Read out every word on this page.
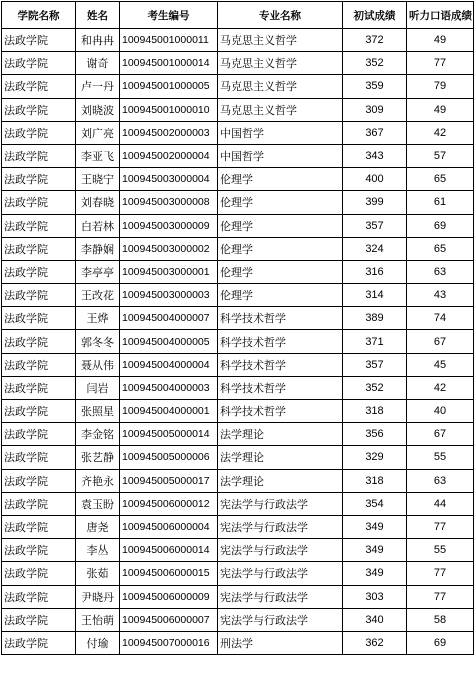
学院名称	姓名	考生编号	专业名称	初试成绩	听力口语成绩
法政学院	和冉冉	100945001000011	马克思主义哲学	372	49
法政学院	谢奇	100945001000014	马克思主义哲学	352	77
法政学院	卢一丹	100945001000005	马克思主义哲学	359	79
法政学院	刘晓波	100945001000010	马克思主义哲学	309	49
法政学院	刘广亮	100945002000003	中国哲学	367	42
法政学院	李亚飞	100945002000004	中国哲学	343	57
法政学院	王晓宁	100945003000004	伦理学	400	65
法政学院	刘春晓	100945003000008	伦理学	399	61
法政学院	白若林	100945003000009	伦理学	357	69
法政学院	李静娴	100945003000002	伦理学	324	65
法政学院	李亭亭	100945003000001	伦理学	316	63
法政学院	王改花	100945003000003	伦理学	314	43
法政学院	王烨	100945004000007	科学技术哲学	389	74
法政学院	郭冬冬	100945004000005	科学技术哲学	371	67
法政学院	聂从伟	100945004000004	科学技术哲学	357	45
法政学院	闫岩	100945004000003	科学技术哲学	352	42
法政学院	张照星	100945004000001	科学技术哲学	318	40
法政学院	李金铭	100945005000014	法学理论	356	67
法政学院	张艺静	100945005000006	法学理论	329	55
法政学院	齐艳永	100945005000017	法学理论	318	63
法政学院	袁玉盼	100945006000012	宪法学与行政法学	354	44
法政学院	唐尧	100945006000004	宪法学与行政法学	349	77
法政学院	李丛	100945006000014	宪法学与行政法学	349	55
法政学院	张茹	100945006000015	宪法学与行政法学	349	77
法政学院	尹晓丹	100945006000009	宪法学与行政法学	303	77
法政学院	王怡萌	100945006000007	宪法学与行政法学	340	58
法政学院	付瑜	100945007000016	刑法学	362	69
